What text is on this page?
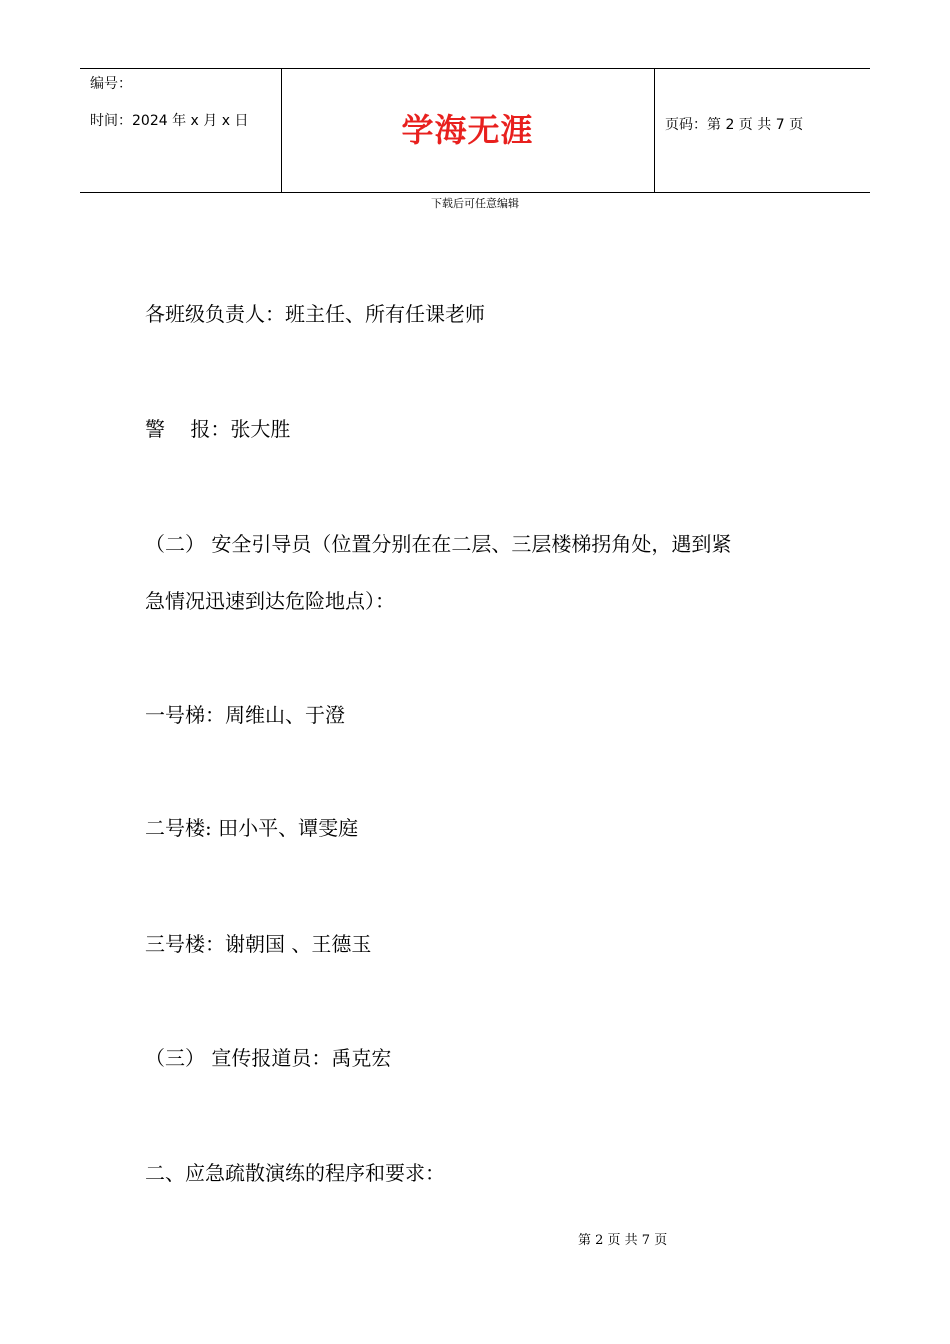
编号：
时间：2024 年 x 月 x 日	学海无涯	页码：第 2 页 共 7 页
下载后可任意编辑
各班级负责人：班主任、所有任课老师
警    报：张大胜
（二） 安全引导员（位置分别在在二层、三层楼梯拐角处，遇到紧
急情况迅速到达危险地点）：
一号梯：周维山、于澄
二号楼: 田小平、谭雯庭
三号楼：谢朝国 、王德玉
（三） 宣传报道员：禹克宏
二、应急疏散演练的程序和要求：
第 2 页 共 7 页
